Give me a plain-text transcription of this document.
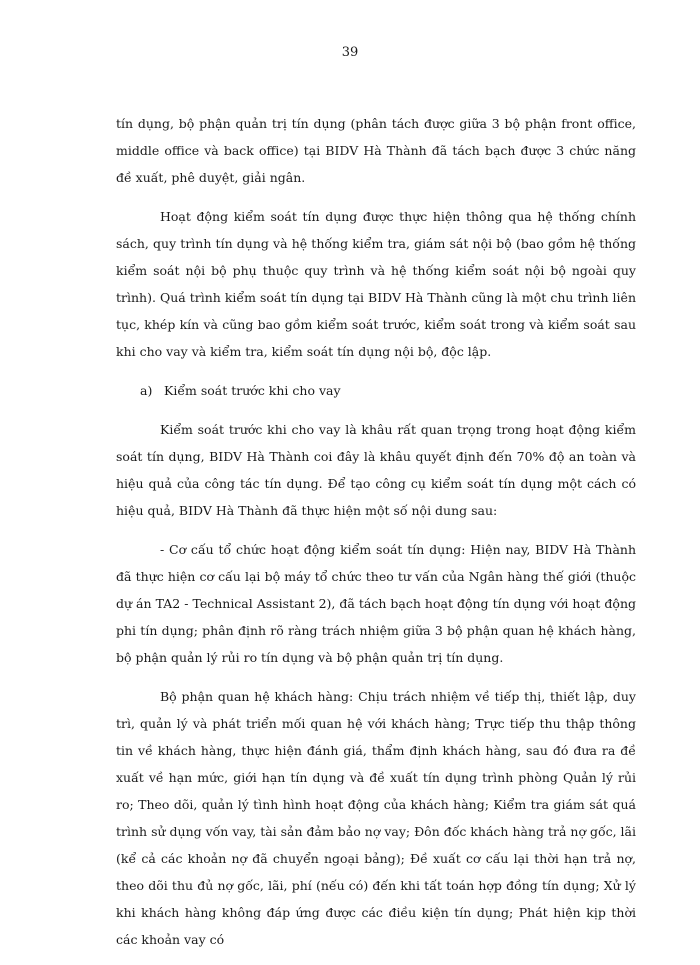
39

tín dụng, bộ phận quản trị tín dụng (phân tách được giữa 3 bộ phận front office, middle office và back office) tại BIDV Hà Thành đã tách bạch được 3 chức năng đề xuất, phê duyệt, giải ngân.

Hoạt động kiểm soát tín dụng được thực hiện thông qua hệ thống chính sách, quy trình tín dụng và hệ thống kiểm tra, giám sát nội bộ (bao gồm hệ thống kiểm soát nội bộ phụ thuộc quy trình và hệ thống kiểm soát nội bộ ngoài quy trình). Quá trình kiểm soát tín dụng tại BIDV Hà Thành cũng là một chu trình liên tục, khép kín và cũng bao gồm kiểm soát trước, kiểm soát trong và kiểm soát sau khi cho vay và kiểm tra, kiểm soát tín dụng nội bộ, độc lập.

a) Kiểm soát trước khi cho vay

Kiểm soát trước khi cho vay là khâu rất quan trọng trong hoạt động kiểm soát tín dụng, BIDV Hà Thành coi đây là khâu quyết định đến 70% độ an toàn và hiệu quả của công tác tín dụng. Để tạo công cụ kiểm soát tín dụng một cách có hiệu quả, BIDV Hà Thành đã thực hiện một số nội dung sau:

- Cơ cấu tổ chức hoạt động kiểm soát tín dụng: Hiện nay, BIDV Hà Thành đã thực hiện cơ cấu lại bộ máy tổ chức theo tư vấn của Ngân hàng thế giới (thuộc dự án TA2 - Technical Assistant 2), đã tách bạch hoạt động tín dụng với hoạt động phi tín dụng; phân định rõ ràng trách nhiệm giữa 3 bộ phận quan hệ khách hàng, bộ phận quản lý rủi ro tín dụng và bộ phận quản trị tín dụng.

Bộ phận quan hệ khách hàng: Chịu trách nhiệm về tiếp thị, thiết lập, duy trì, quản lý và phát triển mối quan hệ với khách hàng; Trực tiếp thu thập thông tin về khách hàng, thực hiện đánh giá, thẩm định khách hàng, sau đó đưa ra đề xuất về hạn mức, giới hạn tín dụng và đề xuất tín dụng trình phòng Quản lý rủi ro; Theo dõi, quản lý tình hình hoạt động của khách hàng; Kiểm tra giám sát quá trình sử dụng vốn vay, tài sản đảm bảo nợ vay; Đôn đốc khách hàng trả nợ gốc, lãi (kể cả các khoản nợ đã chuyển ngoại bảng); Đề xuất cơ cấu lại thời hạn trả nợ, theo dõi thu đủ nợ gốc, lãi, phí (nếu có) đến khi tất toán hợp đồng tín dụng; Xử lý khi khách hàng không đáp ứng được các điều kiện tín dụng; Phát hiện kịp thời các khoản vay có
